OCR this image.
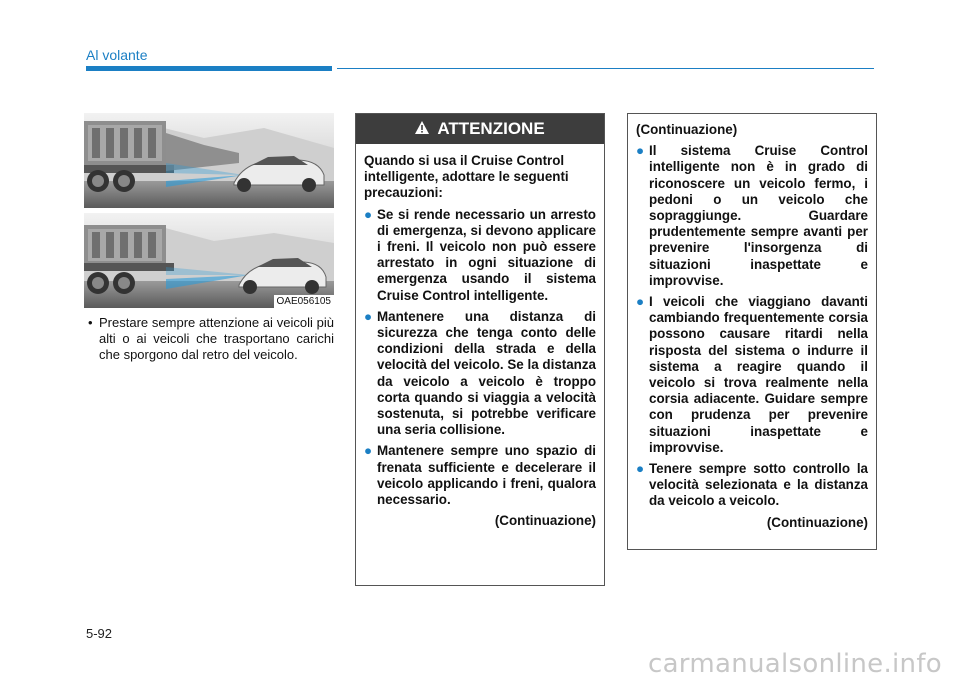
Al volante
OAE056105
• Prestare sempre attenzione ai veicoli più alti o ai veicoli che trasportano carichi che sporgono dal retro del veicolo.
ATTENZIONE

Quando si usa il Cruise Control intelligente, adottare le seguenti precauzioni:

● Se si rende necessario un arresto di emergenza, si devono applicare i freni. Il veicolo non può essere arrestato in ogni situazione di emergenza usando il sistema Cruise Control intelligente.
● Mantenere una distanza di sicurezza che tenga conto delle condizioni della strada e della velocità del veicolo. Se la distanza da veicolo a veicolo è troppo corta quando si viaggia a velocità sostenuta, si potrebbe verificare una seria collisione.
● Mantenere sempre uno spazio di frenata sufficiente e decelerare il veicolo applicando i freni, qualora necessario.
(Continuazione)

(Continuazione)

● Il sistema Cruise Control intelligente non è in grado di riconoscere un veicolo fermo, i pedoni o un veicolo che sopraggiunge. Guardare prudentemente sempre avanti per prevenire l'insorgenza di situazioni inaspettate e improvvise.
● I veicoli che viaggiano davanti cambiando frequentemente corsia possono causare ritardi nella risposta del sistema o indurre il sistema a reagire quando il veicolo si trova realmente nella corsia adiacente. Guidare sempre con prudenza per prevenire situazioni inaspettate e improvvise.
● Tenere sempre sotto controllo la velocità selezionata e la distanza da veicolo a veicolo.
(Continuazione)
5-92
carmanualsonline.info
